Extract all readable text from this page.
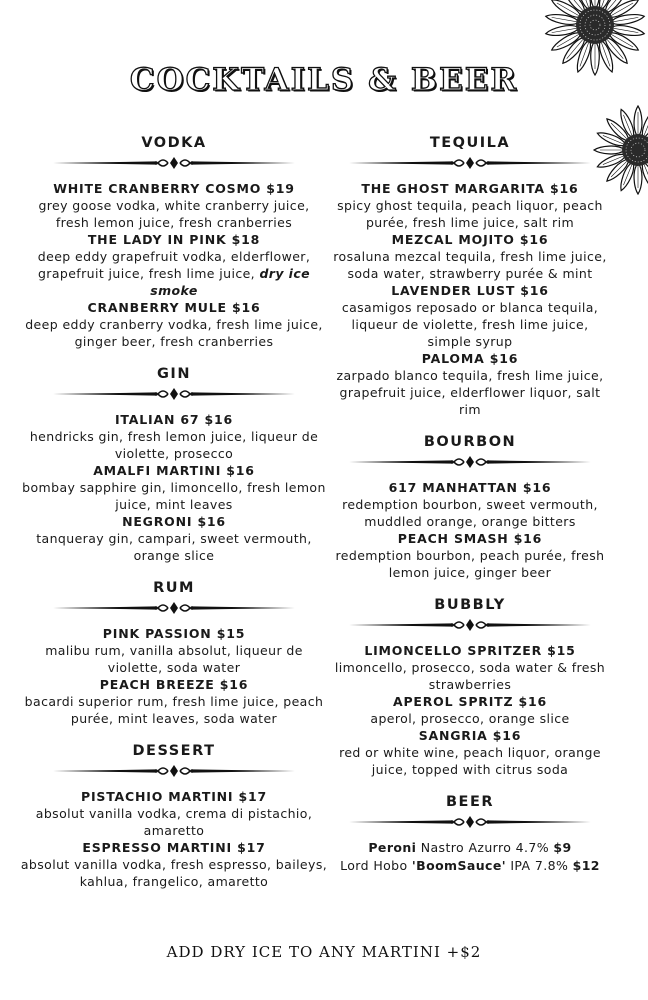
COCKTAILS & BEER
VODKA
WHITE CRANBERRY COSMO $19
grey goose vodka, white cranberry juice, fresh lemon juice, fresh cranberries
THE LADY IN PINK $18
deep eddy grapefruit vodka, elderflower, grapefruit juice, fresh lime juice, dry ice smoke
CRANBERRY MULE $16
deep eddy cranberry vodka, fresh lime juice, ginger beer, fresh cranberries
GIN
ITALIAN 67 $16
hendricks gin, fresh lemon juice, liqueur de violette, prosecco
AMALFI MARTINI $16
bombay sapphire gin, limoncello, fresh lemon juice, mint leaves
NEGRONI $16
tanqueray gin, campari, sweet vermouth, orange slice
RUM
PINK PASSION $15
malibu rum, vanilla absolut, liqueur de violette, soda water
PEACH BREEZE $16
bacardi superior rum, fresh lime juice, peach purée, mint leaves, soda water
DESSERT
PISTACHIO MARTINI $17
absolut vanilla vodka, crema di pistachio, amaretto
ESPRESSO MARTINI $17
absolut vanilla vodka, fresh espresso, baileys, kahlua, frangelico, amaretto
TEQUILA
THE GHOST MARGARITA $16
spicy ghost tequila, peach liquor, peach purée, fresh lime juice, salt rim
MEZCAL MOJITO $16
rosaluna mezcal tequila, fresh lime juice, soda water, strawberry purée & mint
LAVENDER LUST $16
casamigos reposado or blanca tequila, liqueur de violette, fresh lime juice, simple syrup
PALOMA $16
zarpado blanco tequila, fresh lime juice, grapefruit juice, elderflower liquor, salt rim
BOURBON
617 MANHATTAN $16
redemption bourbon, sweet vermouth, muddled orange, orange bitters
PEACH SMASH $16
redemption bourbon, peach purée, fresh lemon juice, ginger beer
BUBBLY
LIMONCELLO SPRITZER $15
limoncello, prosecco, soda water & fresh strawberries
APEROL SPRITZ $16
aperol, prosecco, orange slice
SANGRIA $16
red or white wine, peach liquor, orange juice, topped with citrus soda
BEER
Peroni Nastro Azurro 4.7% $9
Lord Hobo 'BoomSauce' IPA 7.8% $12
ADD DRY ICE TO ANY MARTINI +$2
